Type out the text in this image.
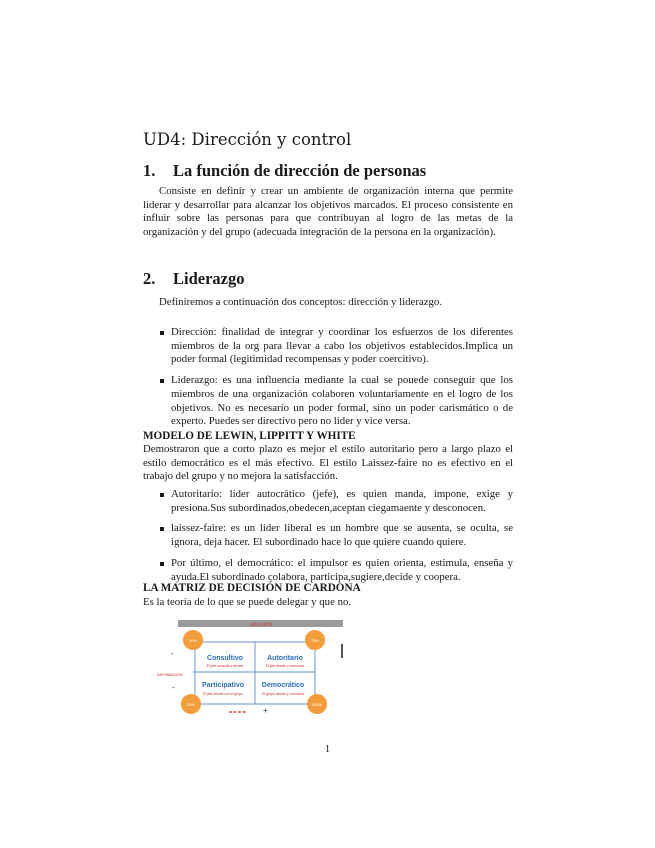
UD4: Dirección y control
1. La función de dirección de personas
Consiste en definir y crear un ambiente de organización interna que permite liderar y desarrollar para alcanzar los objetivos marcados. El proceso consistente en influir sobre las personas para que contribuyan al logro de las metas de la organización y del grupo (adecuada integración de la persona en la organización).
2. Liderazgo
Definiremos a continuación dos conceptos: dirección y liderazgo.
Dirección: finalidad de integrar y coordinar los esfuerzos de los diferentes miembros de la org para llevar a cabo los objetivos establecidos.Implica un poder formal (legitimidad recompensas y poder coercitivo).
Liderazgo: es una influencia mediante la cual se pouede conseguir que los miembros de una organización colaboren voluntariamente en el logro de los objetivos. No es necesario un poder formal, sino un poder carismático o de experto. Puedes ser directivo pero no lider y vice versa.
MODELO DE LEWIN, LIPPITT Y WHITE
Demostraron que a corto plazo es mejor el estilo autoritario pero a largo plazo el estilo democrático es el más efectivo. El estilo Laissez-faire no es efectivo en el trabajo del grupo y no mejora la satisfacción.
Autoritario: lider autocrático (jefe), es quien manda, impone, exige y presiona.Sus subordinados,obedecen,aceptan ciegamaente y desconocen.
laissez-faire: es un lider liberal es un hombre que se ausenta, se oculta, se ignora, deja hacer. El subordinado hace lo que quiere cuando quiere.
Por último, el democrático: el impulsor es quien orienta, estimula, enseña y ayuda.El subordinado colabora, participa,sugiere,decide y coopera.
LA MATRIZ DE DECISIÓN DE CARDONA
Es la teoría de lo que se puede delegar y que no.
DECISIÓN
·
Consultivo
El jefe consulta y decide
Autoritario
El jefe decide y comunica
Participativo
El jefe decide con el grupo
Democrático
El grupo decide y comunica
50%	75%
25%	100%
-
INFORMACIÓN
-
+
1
